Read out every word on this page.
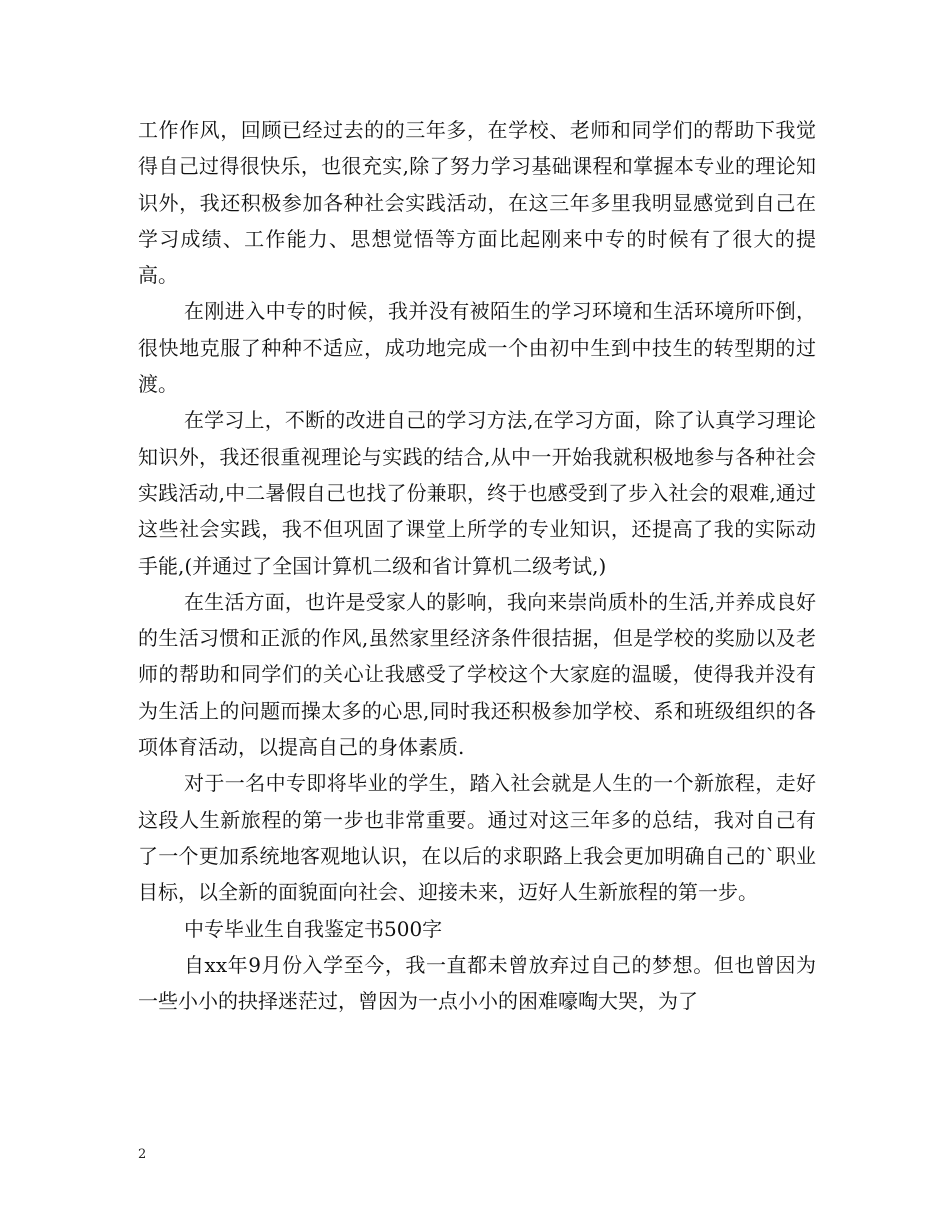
工作作风，回顾已经过去的的三年多，在学校、老师和同学们的帮助下我觉得自己过得很快乐，也很充实,除了努力学习基础课程和掌握本专业的理论知识外，我还积极参加各种社会实践活动，在这三年多里我明显感觉到自己在学习成绩、工作能力、思想觉悟等方面比起刚来中专的时候有了很大的提高。

在刚进入中专的时候，我并没有被陌生的学习环境和生活环境所吓倒，很快地克服了种种不适应，成功地完成一个由初中生到中技生的转型期的过渡。

在学习上，不断的改进自己的学习方法,在学习方面，除了认真学习理论知识外，我还很重视理论与实践的结合,从中一开始我就积极地参与各种社会实践活动,中二暑假自己也找了份兼职，终于也感受到了步入社会的艰难,通过这些社会实践，我不但巩固了课堂上所学的专业知识，还提高了我的实际动手能,(并通过了全国计算机二级和省计算机二级考试,)

在生活方面，也许是受家人的影响，我向来崇尚质朴的生活,并养成良好的生活习惯和正派的作风,虽然家里经济条件很拮据，但是学校的奖励以及老师的帮助和同学们的关心让我感受了学校这个大家庭的温暖，使得我并没有为生活上的问题而操太多的心思,同时我还积极参加学校、系和班级组织的各项体育活动，以提高自己的身体素质.

对于一名中专即将毕业的学生，踏入社会就是人生的一个新旅程，走好这段人生新旅程的第一步也非常重要。通过对这三年多的总结，我对自己有了一个更加系统地客观地认识，在以后的求职路上我会更加明确自己的`职业目标，以全新的面貌面向社会、迎接未来，迈好人生新旅程的第一步。

中专毕业生自我鉴定书500字

自xx年9月份入学至今，我一直都未曾放弃过自己的梦想。但也曾因为一些小小的抉择迷茫过，曾因为一点小小的困难嚎啕大哭，为了

2
